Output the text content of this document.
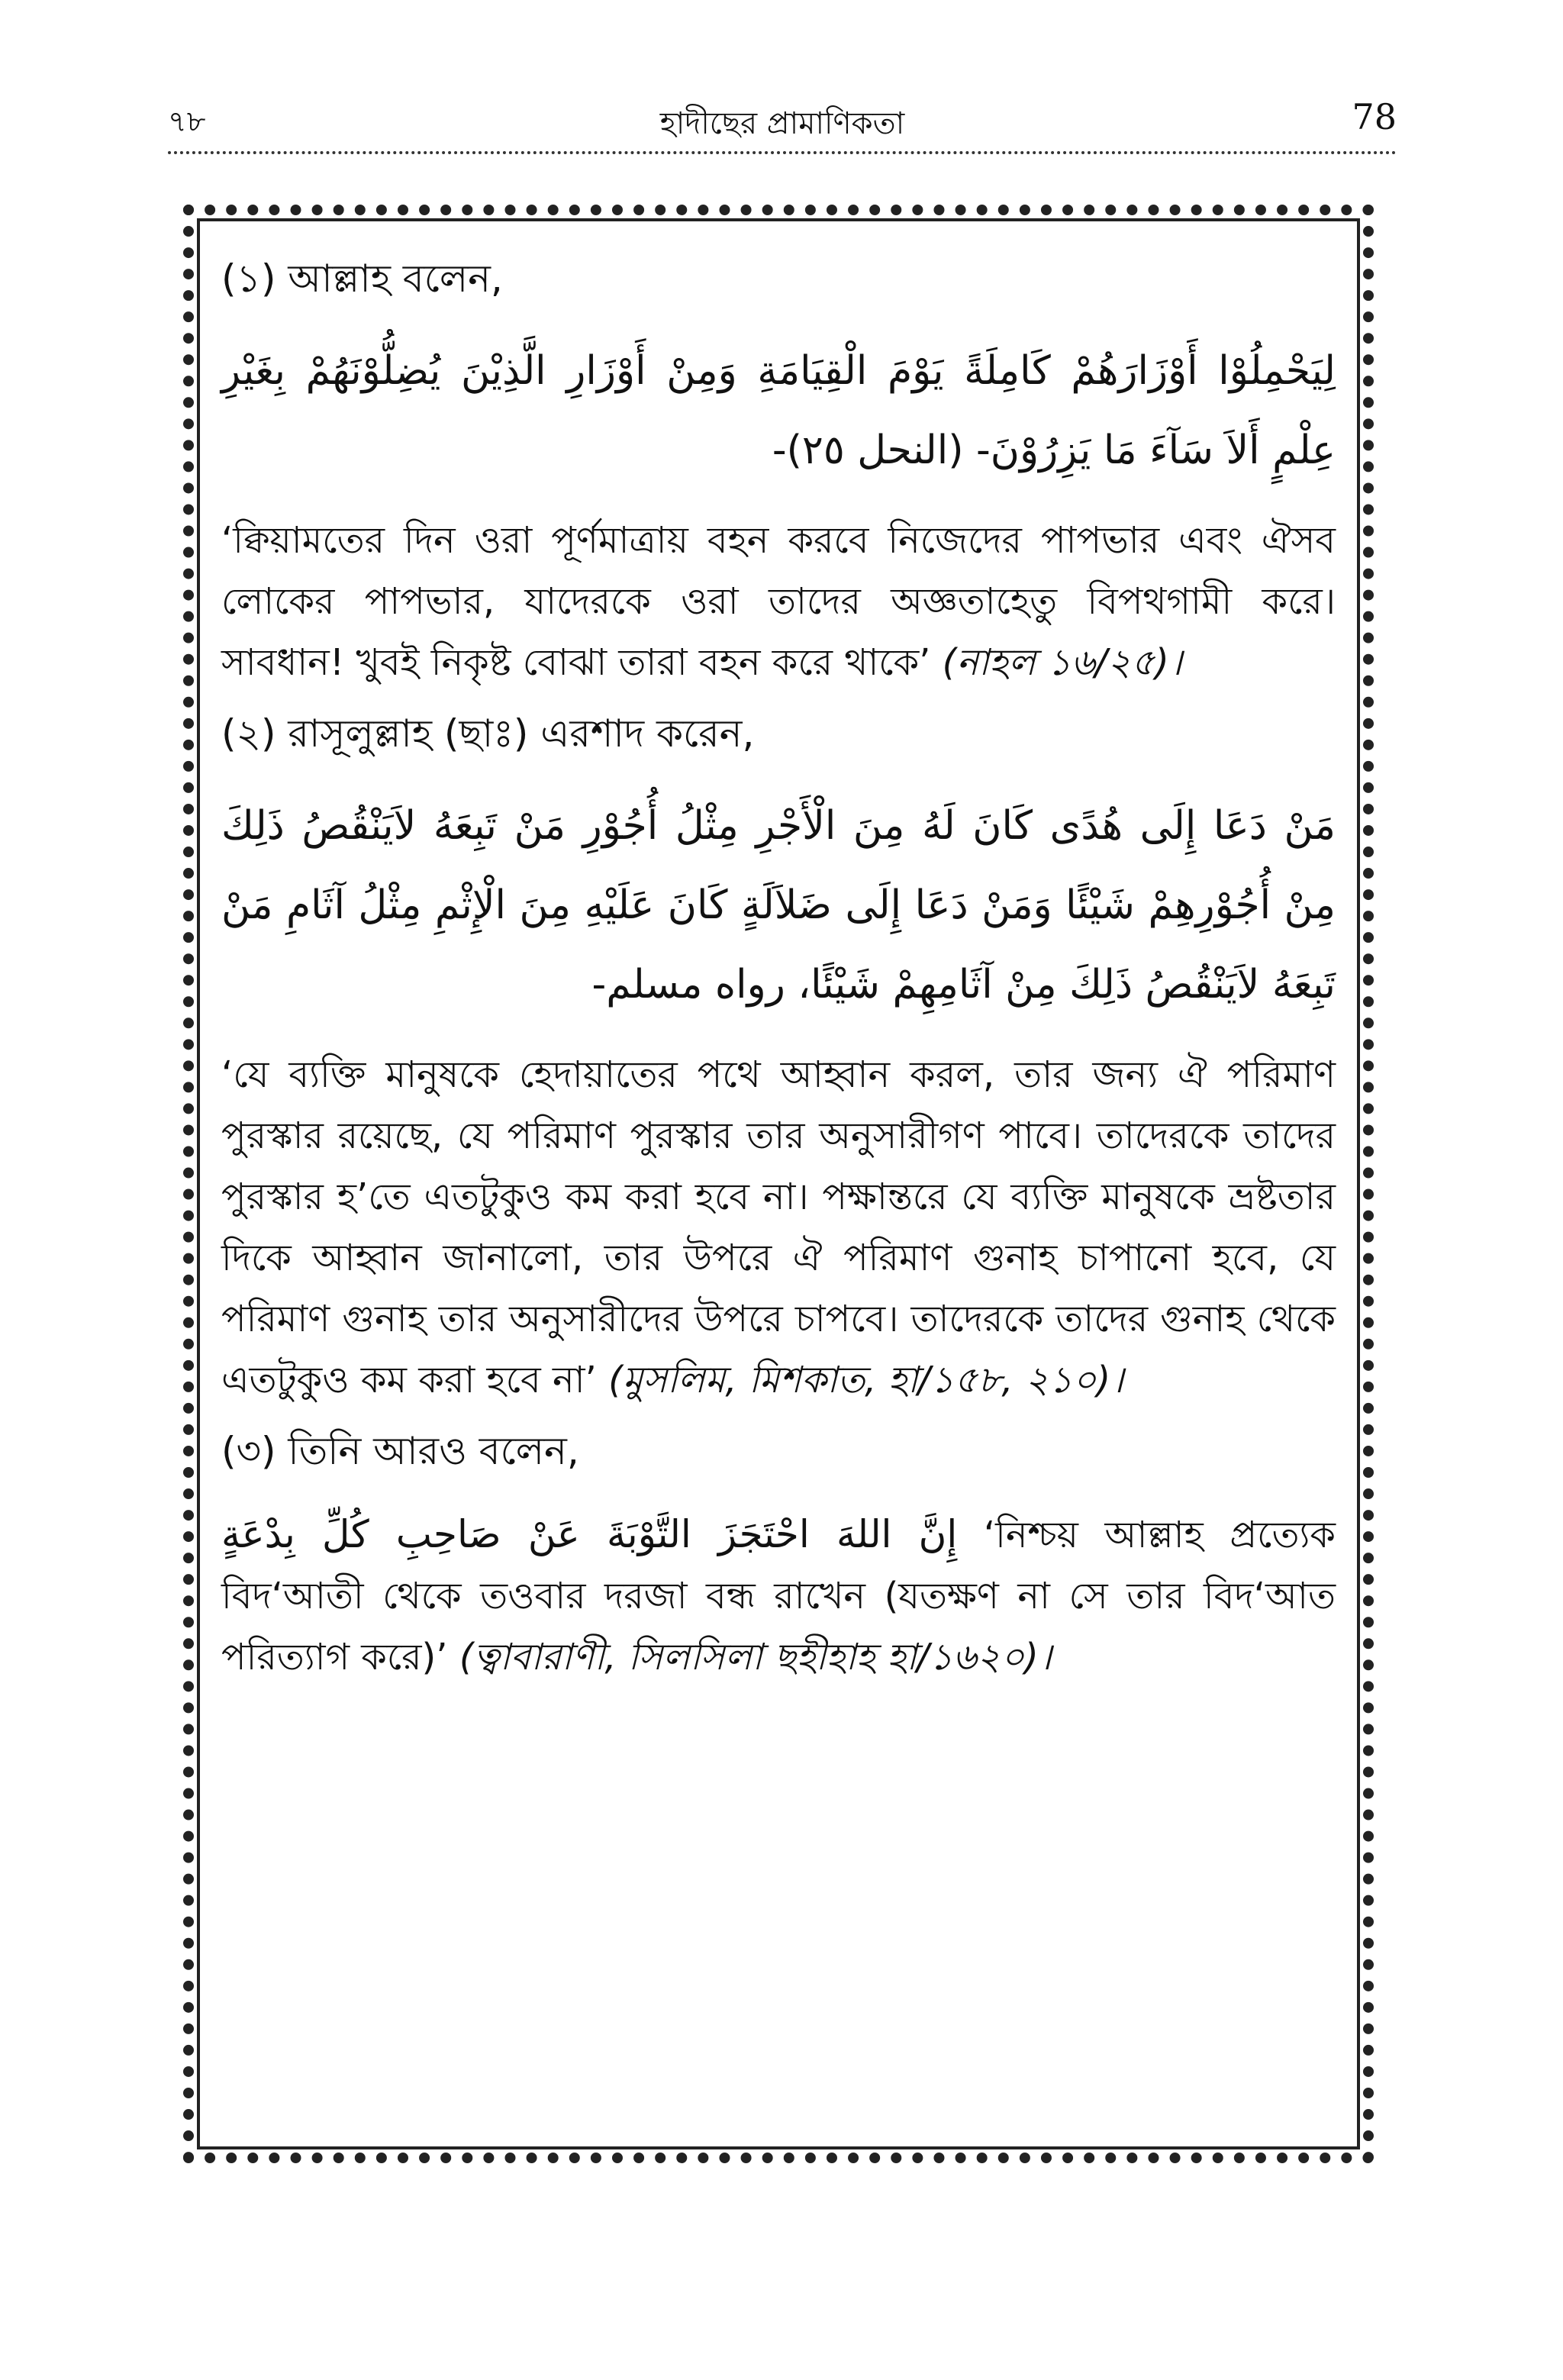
৭৮	হাদীছের প্রামাণিকতা	78

(১) আল্লাহ বলেন,

لِيَحْمِلُوْا أَوْزَارَهُمْ كَامِلَةً يَوْمَ الْقِيَامَةِ وَمِنْ أَوْزَارِ الَّذِيْنَ يُضِلُّوْنَهُمْ بِغَيْرِ عِلْمٍ أَلاَ سَآءَ مَا يَزِرُوْنَ- (النحل ٢٥)-

‘ক্বিয়ামতের দিন ওরা পূর্ণমাত্রায় বহন করবে নিজেদের পাপভার এবং ঐসব লোকের পাপভার, যাদেরকে ওরা তাদের অজ্ঞতাহেতু বিপথগামী করে। সাবধান! খুবই নিকৃষ্ট বোঝা তারা বহন করে থাকে’ (নাহল ১৬/২৫)।

(২) রাসূলুল্লাহ (ছাঃ) এরশাদ করেন,

مَنْ دَعَا إِلَى هُدًى كَانَ لَهُ مِنَ الْأَجْرِ مِثْلُ أُجُوْرِ مَنْ تَبِعَهُ لاَيَنْقُصُ ذَلِكَ مِنْ أُجُوْرِهِمْ شَيْئًا وَمَنْ دَعَا إِلَى ضَلاَلَةٍ كَانَ عَلَيْهِ مِنَ الْإِثْمِ مِثْلُ آثَامِ مَنْ تَبِعَهُ لاَيَنْقُصُ ذَلِكَ مِنْ آثَامِهِمْ شَيْئًا، رواه مسلم-

‘যে ব্যক্তি মানুষকে হেদায়াতের পথে আহ্বান করল, তার জন্য ঐ পরিমাণ পুরস্কার রয়েছে, যে পরিমাণ পুরস্কার তার অনুসারীগণ পাবে। তাদেরকে তাদের পুরস্কার হ’তে এতটুকুও কম করা হবে না। পক্ষান্তরে যে ব্যক্তি মানুষকে ভ্রষ্টতার দিকে আহ্বান জানালো, তার উপরে ঐ পরিমাণ গুনাহ চাপানো হবে, যে পরিমাণ গুনাহ তার অনুসারীদের উপরে চাপবে। তাদেরকে তাদের গুনাহ থেকে এতটুকুও কম করা হবে না’ (মুসলিম, মিশকাত, হা/১৫৮, ২১০)।

(৩) তিনি আরও বলেন,

إِنَّ اللهَ احْتَجَزَ التَّوْبَةَ عَنْ صَاحِبِ كُلِّ بِدْعَةٍ ‘নিশ্চয় আল্লাহ প্রত্যেক বিদ‘আতী থেকে তওবার দরজা বন্ধ রাখেন (যতক্ষণ না সে তার বিদ‘আত পরিত্যাগ করে)’ (ত্বাবারাণী, সিলসিলা ছহীহাহ হা/১৬২০)।
